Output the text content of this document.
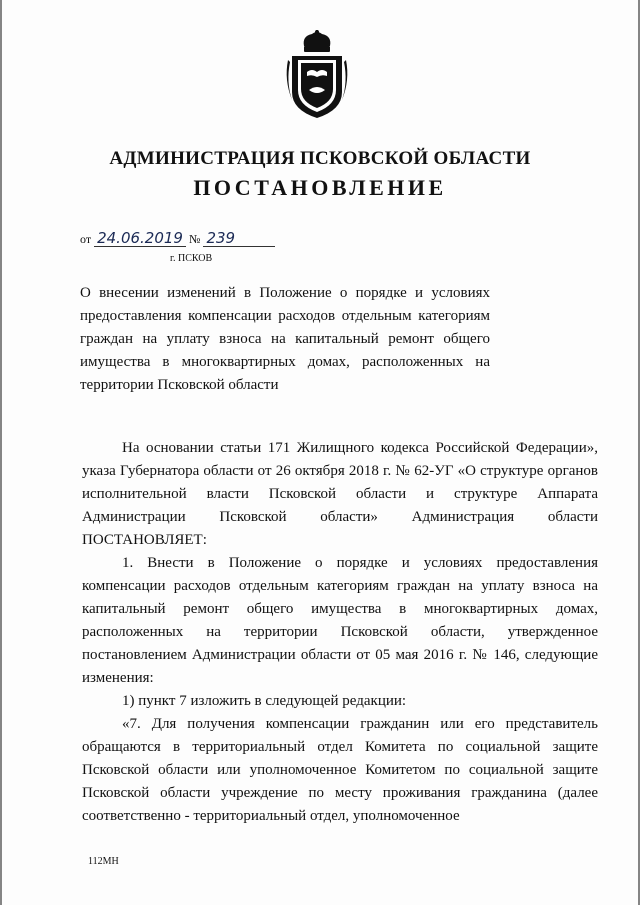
АДМИНИСТРАЦИЯ ПСКОВСКОЙ ОБЛАСТИ
ПОСТАНОВЛЕНИЕ
от 24.06.2019 № 239
г. ПСКОВ
О внесении изменений в Положение о порядке и условиях предоставления компенсации расходов отдельным категориям граждан на уплату взноса на капитальный ремонт общего имущества в многоквартирных домах, расположенных на территории Псковской области

На основании статьи 171 Жилищного кодекса Российской Федерации», указа Губернатора области от 26 октября 2018 г. № 62-УГ «О структуре органов исполнительной власти Псковской области и структуре Аппарата Администрации Псковской области» Администрация области ПОСТАНОВЛЯЕТ:

1. Внести в Положение о порядке и условиях предоставления компенсации расходов отдельным категориям граждан на уплату взноса на капитальный ремонт общего имущества в многоквартирных домах, расположенных на территории Псковской области, утвержденное постановлением Администрации области от 05 мая 2016 г. № 146, следующие изменения:

1) пункт 7 изложить в следующей редакции:

«7. Для получения компенсации гражданин или его представитель обращаются в территориальный отдел Комитета по социальной защите Псковской области или уполномоченное Комитетом по социальной защите Псковской области учреждение по месту проживания гражданина (далее соответственно - территориальный отдел, уполномоченное

112МН
